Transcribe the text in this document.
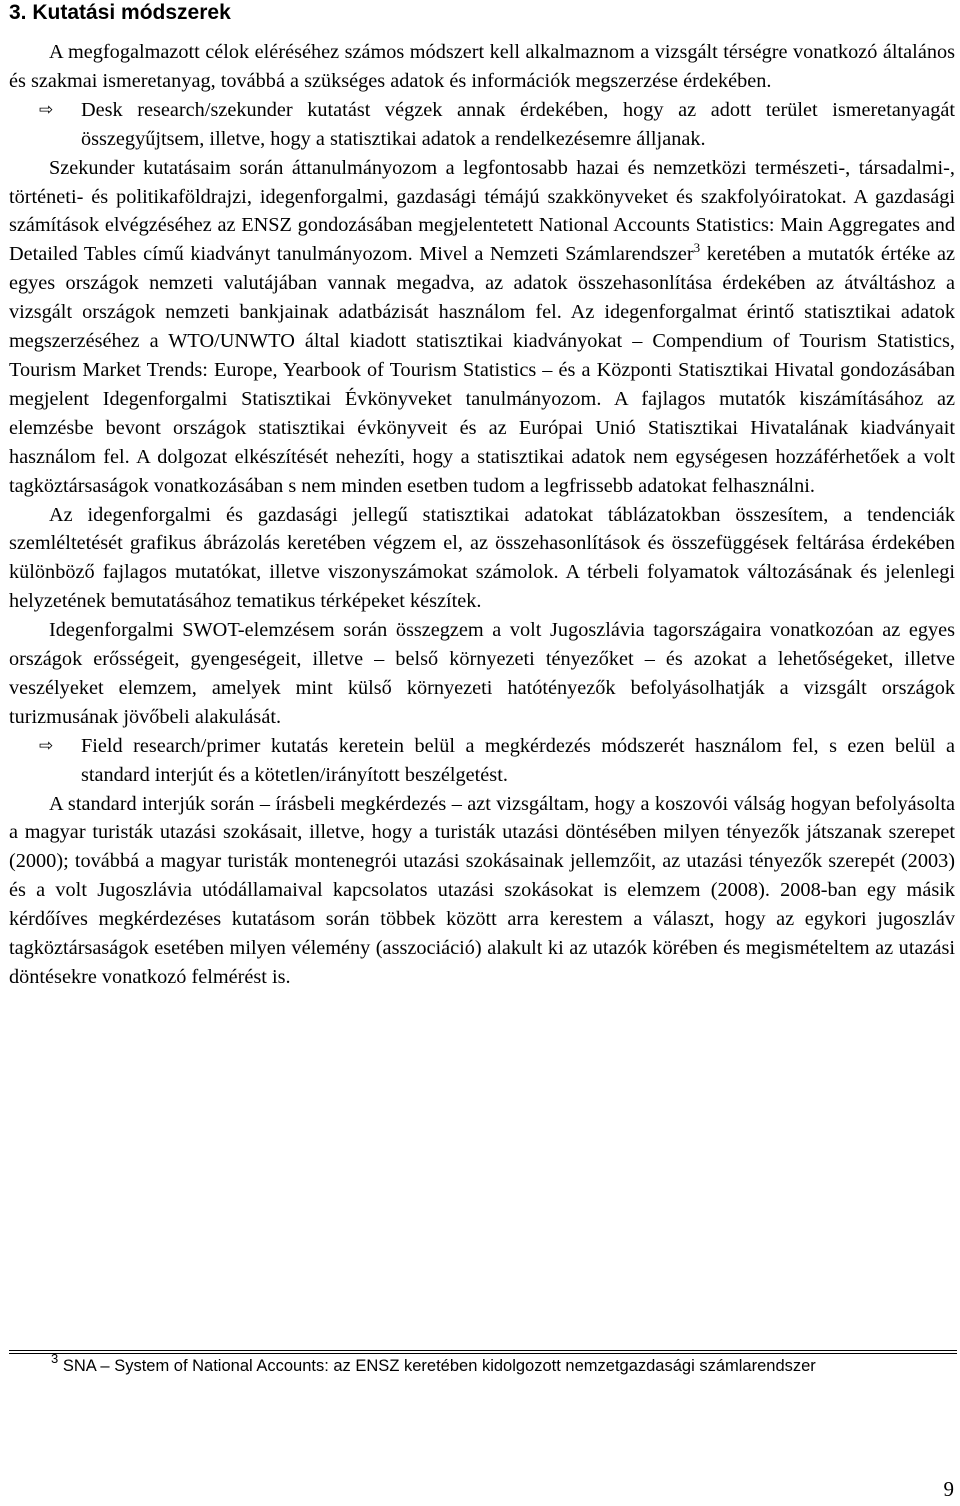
3. Kutatási módszerek

A megfogalmazott célok eléréséhez számos módszert kell alkalmaznom a vizsgált térségre vonatkozó általános és szakmai ismeretanyag, továbbá a szükséges adatok és információk megszerzése érdekében.

⇨	Desk research/szekunder kutatást végzek annak érdekében, hogy az adott terület ismeretanyagát összegyűjtsem, illetve, hogy a statisztikai adatok a rendelkezésemre álljanak.

Szekunder kutatásaim során áttanulmányozom a legfontosabb hazai és nemzetközi természeti-, társadalmi-, történeti- és politikaföldrajzi, idegenforgalmi, gazdasági témájú szakkönyveket és szakfolyóiratokat. A gazdasági számítások elvégzéséhez az ENSZ gondozásában megjelentetett National Accounts Statistics: Main Aggregates and Detailed Tables című kiadványt tanulmányozom. Mivel a Nemzeti Számlarendszer$^3$ keretében a mutatók értéke az egyes országok nemzeti valutájában vannak megadva, az adatok összehasonlítása érdekében az átváltáshoz a vizsgált országok nemzeti bankjainak adatbázisát használom fel. Az idegenforgalmat érintő statisztikai adatok megszerzéséhez a WTO/UNWTO által kiadott statisztikai kiadványokat – Compendium of Tourism Statistics, Tourism Market Trends: Europe, Yearbook of Tourism Statistics – és a Központi Statisztikai Hivatal gondozásában megjelent Idegenforgalmi Statisztikai Évkönyveket tanulmányozom. A fajlagos mutatók kiszámításához az elemzésbe bevont országok statisztikai évkönyveit és az Európai Unió Statisztikai Hivatalának kiadványait használom fel. A dolgozat elkészítését nehezíti, hogy a statisztikai adatok nem egységesen hozzáférhetőek a volt tagköztársaságok vonatkozásában s nem minden esetben tudom a legfrissebb adatokat felhasználni.

Az idegenforgalmi és gazdasági jellegű statisztikai adatokat táblázatokban összesítem, a tendenciák szemléltetését grafikus ábrázolás keretében végzem el, az összehasonlítások és összefüggések feltárása érdekében különböző fajlagos mutatókat, illetve viszonyszámokat számolok. A térbeli folyamatok változásának és jelenlegi helyzetének bemutatásához tematikus térképeket készítek.

Idegenforgalmi SWOT-elemzésem során összegzem a volt Jugoszlávia tagországaira vonatkozóan az egyes országok erősségeit, gyengeségeit, illetve – belső környezeti tényezőket – és azokat a lehetőségeket, illetve veszélyeket elemzem, amelyek mint külső környezeti hatótényezők befolyásolhatják a vizsgált országok turizmusának jövőbeli alakulását.

⇨	Field research/primer kutatás keretein belül a megkérdezés módszerét használom fel, s ezen belül a standard interjút és a kötetlen/irányított beszélgetést.

A standard interjúk során – írásbeli megkérdezés – azt vizsgáltam, hogy a koszovói válság hogyan befolyásolta a magyar turisták utazási szokásait, illetve, hogy a turisták utazási döntésében milyen tényezők játszanak szerepet (2000); továbbá a magyar turisták montenegrói utazási szokásainak jellemzőit, az utazási tényezők szerepét (2003) és a volt Jugoszlávia utódállamaival kapcsolatos utazási szokásokat is elemzem (2008). 2008-ban egy másik kérdőíves megkérdezéses kutatásom során többek között arra kerestem a választ, hogy az egykori jugoszláv tagköztársaságok esetében milyen vélemény (asszociáció) alakult ki az utazók körében és megismételtem az utazási döntésekre vonatkozó felmérést is.

$^3$ SNA – System of National Accounts: az ENSZ keretében kidolgozott nemzetgazdasági számlarendszer
9
